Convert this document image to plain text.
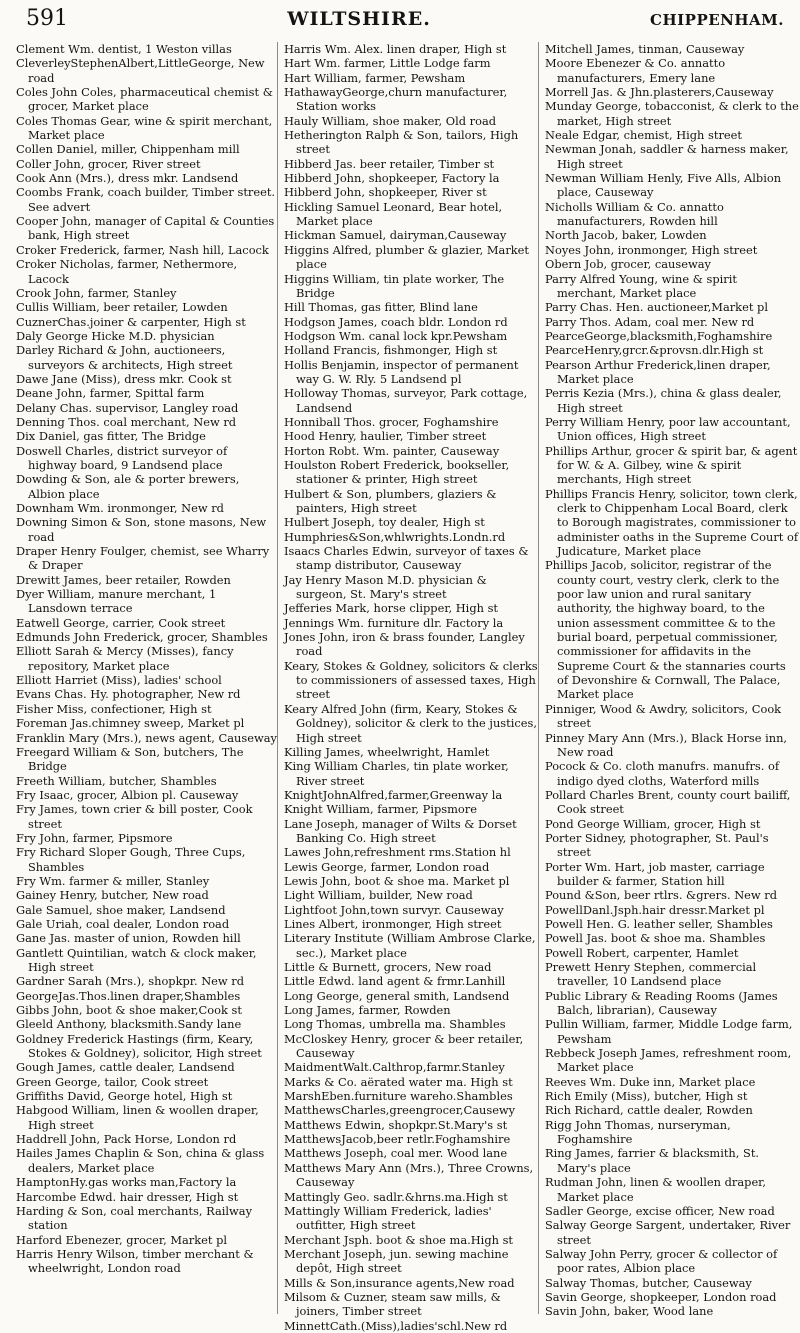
591	WILTSHIRE.	CHIPPENHAM.

Clement Wm. dentist, 1 Weston villas

CleverleyStephenAlbert,LittleGeorge, New road

Coles John Coles, pharmaceutical chemist & grocer, Market place

Coles Thomas Gear, wine & spirit merchant, Market place

Collen Daniel, miller, Chippenham mill

Coller John, grocer, River street

Cook Ann (Mrs.), dress mkr. Landsend

Coombs Frank, coach builder, Timber street. See advert

Cooper John, manager of Capital & Counties bank, High street

Croker Frederick, farmer, Nash hill, Lacock

Croker Nicholas, farmer, Nethermore, Lacock

Crook John, farmer, Stanley

Cullis William, beer retailer, Lowden

CuznerChas.joiner & carpenter, High st

Daly George Hicke M.D. physician

Darley Richard & John, auctioneers, surveyors & architects, High street

Dawe Jane (Miss), dress mkr. Cook st

Deane John, farmer, Spittal farm

Delany Chas. supervisor, Langley road

Denning Thos. coal merchant, New rd

Dix Daniel, gas fitter, The Bridge

Doswell Charles, district surveyor of highway board, 9 Landsend place

Dowding & Son, ale & porter brewers, Albion place

Downham Wm. ironmonger, New rd

Downing Simon & Son, stone masons, New road

Draper Henry Foulger, chemist, see Wharry & Draper

Drewitt James, beer retailer, Rowden

Dyer William, manure merchant, 1 Lansdown terrace

Eatwell George, carrier, Cook street

Edmunds John Frederick, grocer, Shambles

Elliott Sarah & Mercy (Misses), fancy repository, Market place

Elliott Harriet (Miss), ladies' school

Evans Chas. Hy. photographer, New rd

Fisher Miss, confectioner, High st

Foreman Jas.chimney sweep, Market pl

Franklin Mary (Mrs.), news agent, Causeway

Freegard William & Son, butchers, The Bridge

Freeth William, butcher, Shambles

Fry Isaac, grocer, Albion pl. Causeway

Fry James, town crier & bill poster, Cook street

Fry John, farmer, Pipsmore

Fry Richard Sloper Gough, Three Cups, Shambles

Fry Wm. farmer & miller, Stanley

Gainey Henry, butcher, New road

Gale Samuel, shoe maker, Landsend

Gale Uriah, coal dealer, London road

Gane Jas. master of union, Rowden hill

Gantlett Quintilian, watch & clock maker, High street

Gardner Sarah (Mrs.), shopkpr. New rd

GeorgeJas.Thos.linen draper,Shambles

Gibbs John, boot & shoe maker,Cook st

Gleeld Anthony, blacksmith.Sandy lane

Goldney Frederick Hastings (firm, Keary, Stokes & Goldney), solicitor, High street

Gough James, cattle dealer, Landsend

Green George, tailor, Cook street

Griffiths David, George hotel, High st

Habgood William, linen & woollen draper, High street

Haddrell John, Pack Horse, London rd

Hailes James Chaplin & Son, china & glass dealers, Market place

HamptonHy.gas works man,Factory la

Harcombe Edwd. hair dresser, High st

Harding & Son, coal merchants, Railway station

Harford Ebenezer, grocer, Market pl

Harris Henry Wilson, timber merchant & wheelwright, London road

Harris Wm. Alex. linen draper, High st

Hart Wm. farmer, Little Lodge farm

Hart William, farmer, Pewsham

HathawayGeorge,churn manufacturer, Station works

Hauly William, shoe maker, Old road

Hetherington Ralph & Son, tailors, High street

Hibberd Jas. beer retailer, Timber st

Hibberd John, shopkeeper, Factory la

Hibberd John, shopkeeper, River st

Hickling Samuel Leonard, Bear hotel, Market place

Hickman Samuel, dairyman,Causeway

Higgins Alfred, plumber & glazier, Market place

Higgins William, tin plate worker, The Bridge

Hill Thomas, gas fitter, Blind lane

Hodgson James, coach bldr. London rd

Hodgson Wm. canal lock kpr.Pewsham

Holland Francis, fishmonger, High st

Hollis Benjamin, inspector of permanent way G. W. Rly. 5 Landsend pl

Holloway Thomas, surveyor, Park cottage, Landsend

Honniball Thos. grocer, Foghamshire

Hood Henry, haulier, Timber street

Horton Robt. Wm. painter, Causeway

Houlston Robert Frederick, bookseller, stationer & printer, High street

Hulbert & Son, plumbers, glaziers & painters, High street

Hulbert Joseph, toy dealer, High st

Humphries&Son,whlwrights.Londn.rd

Isaacs Charles Edwin, surveyor of taxes & stamp distributor, Causeway

Jay Henry Mason M.D. physician & surgeon, St. Mary's street

Jefferies Mark, horse clipper, High st

Jennings Wm. furniture dlr. Factory la

Jones John, iron & brass founder, Langley road

Keary, Stokes & Goldney, solicitors & clerks to commissioners of assessed taxes, High street

Keary Alfred John (firm, Keary, Stokes & Goldney), solicitor & clerk to the justices, High street

Killing James, wheelwright, Hamlet

King William Charles, tin plate worker, River street

KnightJohnAlfred,farmer,Greenway la

Knight William, farmer, Pipsmore

Lane Joseph, manager of Wilts & Dorset Banking Co. High street

Lawes John,refreshment rms.Station hl

Lewis George, farmer, London road

Lewis John, boot & shoe ma. Market pl

Light William, builder, New road

Lightfoot John,town survyr. Causeway

Lines Albert, ironmonger, High street

Literary Institute (William Ambrose Clarke, sec.), Market place

Little & Burnett, grocers, New road

Little Edwd. land agent & frmr.Lanhill

Long George, general smith, Landsend

Long James, farmer, Rowden

Long Thomas, umbrella ma. Shambles

McCloskey Henry, grocer & beer retailer, Causeway

MaidmentWalt.Calthrop,farmr.Stanley

Marks & Co. aërated water ma. High st

MarshEben.furniture wareho.Shambles

MatthewsCharles,greengrocer,Causewy

Matthews Edwin, shopkpr.St.Mary's st

MatthewsJacob,beer retlr.Foghamshire

Matthews Joseph, coal mer. Wood lane

Matthews Mary Ann (Mrs.), Three Crowns, Causeway

Mattingly Geo. sadlr.&hrns.ma.High st

Mattingly William Frederick, ladies' outfitter, High street

Merchant Jsph. boot & shoe ma.High st

Merchant Joseph, jun. sewing machine depôt, High street

Mills & Son,insurance agents,New road

Milsom & Cuzner, steam saw mills, & joiners, Timber street

MinnettCath.(Miss),ladies'schl.New rd

Mitchell James, tinman, Causeway

Moore Ebenezer & Co. annatto manufacturers, Emery lane

Morrell Jas. & Jhn.plasterers,Causeway

Munday George, tobacconist, & clerk to the market, High street

Neale Edgar, chemist, High street

Newman Jonah, saddler & harness maker, High street

Newman William Henly, Five Alls, Albion place, Causeway

Nicholls William & Co. annatto manufacturers, Rowden hill

North Jacob, baker, Lowden

Noyes John, ironmonger, High street

Obern Job, grocer, causeway

Parry Alfred Young, wine & spirit merchant, Market place

Parry Chas. Hen. auctioneer,Market pl

Parry Thos. Adam, coal mer. New rd

PearceGeorge,blacksmith,Foghamshire

PearceHenry,grcr.&provsn.dlr.High st

Pearson Arthur Frederick,linen draper, Market place

Perris Kezia (Mrs.), china & glass dealer, High street

Perry William Henry, poor law accountant, Union offices, High street

Phillips Arthur, grocer & spirit bar, & agent for W. & A. Gilbey, wine & spirit merchants, High street

Phillips Francis Henry, solicitor, town clerk, clerk to Chippenham Local Board, clerk to Borough magistrates, commissioner to administer oaths in the Supreme Court of Judicature, Market place

Phillips Jacob, solicitor, registrar of the county court, vestry clerk, clerk to the poor law union and rural sanitary authority, the highway board, to the union assessment committee & to the burial board, perpetual commissioner, commissioner for affidavits in the Supreme Court & the stannaries courts of Devonshire & Cornwall, The Palace, Market place

Pinniger, Wood & Awdry, solicitors, Cook street

Pinney Mary Ann (Mrs.), Black Horse inn, New road

Pocock & Co. cloth manufrs. manufrs. of indigo dyed cloths, Waterford mills

Pollard Charles Brent, county court bailiff, Cook street

Pond George William, grocer, High st

Porter Sidney, photographer, St. Paul's street

Porter Wm. Hart, job master, carriage builder & farmer, Station hill

Pound &Son, beer rtlrs. &grers. New rd

PowellDanl.Jsph.hair dressr.Market pl

Powell Hen. G. leather seller, Shambles

Powell Jas. boot & shoe ma. Shambles

Powell Robert, carpenter, Hamlet

Prewett Henry Stephen, commercial traveller, 10 Landsend place

Public Library & Reading Rooms (James Balch, librarian), Causeway

Pullin William, farmer, Middle Lodge farm, Pewsham

Rebbeck Joseph James, refreshment room, Market place

Reeves Wm. Duke inn, Market place

Rich Emily (Miss), butcher, High st

Rich Richard, cattle dealer, Rowden

Rigg John Thomas, nurseryman, Foghamshire

Ring James, farrier & blacksmith, St. Mary's place

Rudman John, linen & woollen draper, Market place

Sadler George, excise officer, New road

Salway George Sargent, undertaker, River street

Salway John Perry, grocer & collector of poor rates, Albion place

Salway Thomas, butcher, Causeway

Savin George, shopkeeper, London road

Savin John, baker, Wood lane
